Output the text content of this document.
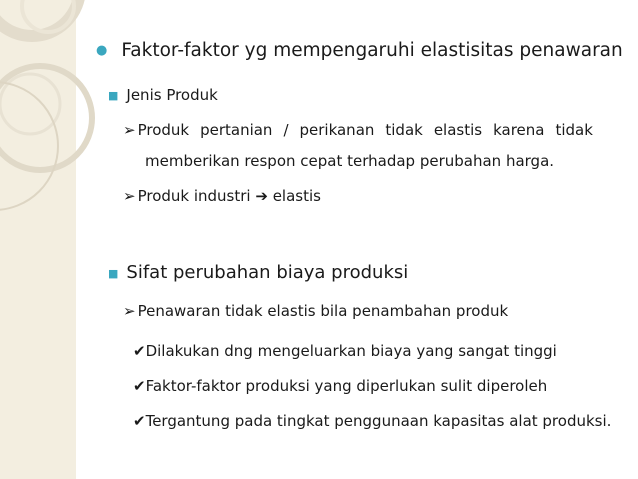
● Faktor-faktor yg mempengaruhi elastisitas penawaran
■ Jenis Produk
➢ Produk pertanian / perikanan tidak elastis karena tidak
memberikan respon cepat terhadap perubahan harga.
➢ Produk industri ➔ elastis
■ Sifat perubahan biaya produksi
➢ Penawaran tidak elastis bila penambahan produk
✔Dilakukan dng mengeluarkan biaya yang sangat tinggi
✔Faktor-faktor produksi yang diperlukan sulit diperoleh
✔Tergantung pada tingkat penggunaan kapasitas alat produksi.
